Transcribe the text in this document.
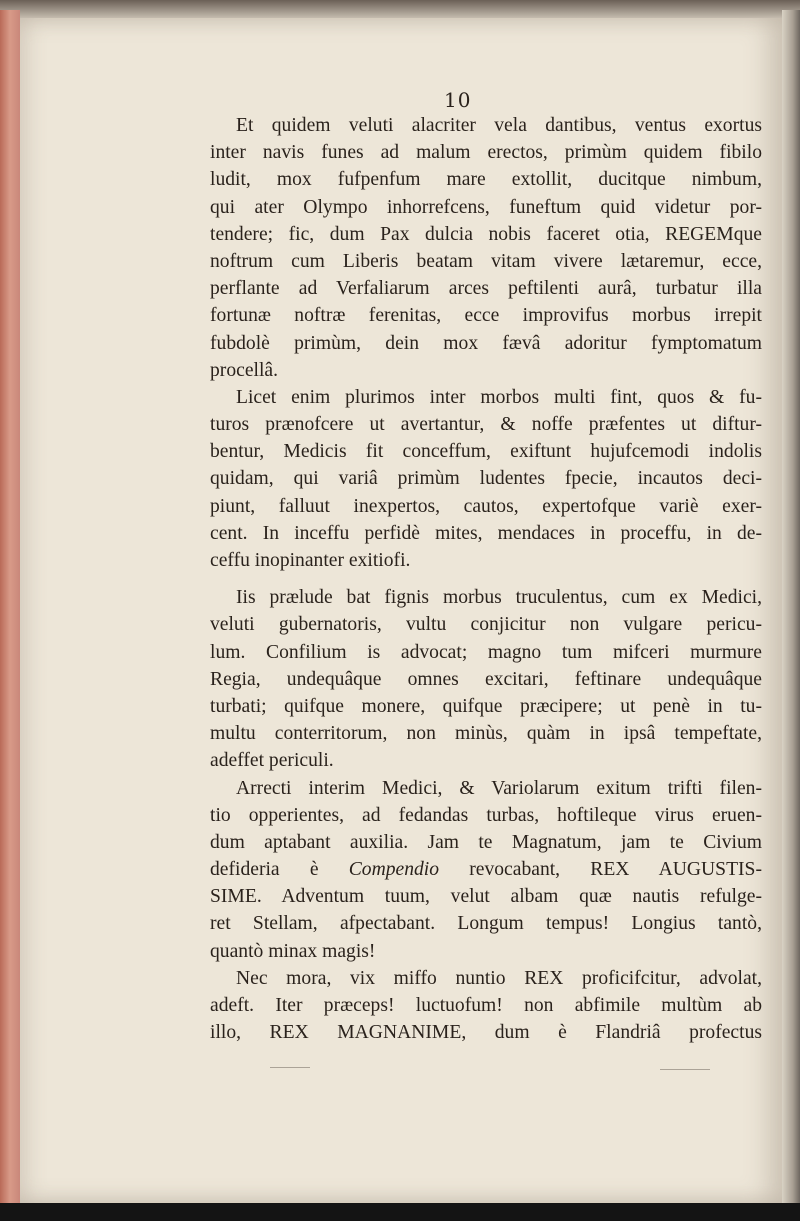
10
Et quidem veluti alacriter vela dantibus, ventus exortus
inter navis funes ad malum erectos, primùm quidem fibilo
ludit, mox fufpenfum mare extollit, ducitque nimbum,
qui ater Olympo inhorrefcens, funeftum quid videtur por-
tendere; fic, dum Pax dulcia nobis faceret otia, REGEMque
noftrum cum Liberis beatam vitam vivere lætaremur, ecce,
perflante ad Verfaliarum arces peftilenti aurâ, turbatur illa
fortunæ noftræ ferenitas, ecce improvifus morbus irrepit
fubdolè primùm, dein mox fævâ adoritur fymptomatum
procellâ.
Licet enim plurimos inter morbos multi fint, quos & fu-
turos prænofcere ut avertantur, & noffe præfentes ut diftur-
bentur, Medicis fit conceffum, exiftunt hujufcemodi indolis
quidam, qui variâ primùm ludentes fpecie, incautos deci-
piunt, falluut inexpertos, cautos, expertofque variè exer-
cent. In inceffu perfidè mites, mendaces in proceffu, in de-
ceffu inopinanter exitiofi.
Iis prælude bat fignis morbus truculentus, cum ex Medici,
veluti gubernatoris, vultu conjicitur non vulgare pericu-
lum. Confilium is advocat; magno tum mifceri murmure
Regia, undequâque omnes excitari, feftinare undequâque
turbati; quifque monere, quifque præcipere; ut penè in tu-
multu conterritorum, non minùs, quàm in ipsâ tempeftate,
adeffet periculi.
Arrecti interim Medici, & Variolarum exitum trifti filen-
tio opperientes, ad fedandas turbas, hoftileque virus eruen-
dum aptabant auxilia. Jam te Magnatum, jam te Civium
defideria è Compendio revocabant, REX AUGUSTIS-
SIME. Adventum tuum, velut albam quæ nautis refulge-
ret Stellam, afpectabant. Longum tempus! Longius tantò,
quantò minax magis!
Nec mora, vix miffo nuntio REX proficifcitur, advolat,
adeft. Iter præceps! luctuofum! non abfimile multùm ab
illo, REX MAGNANIME, dum è Flandriâ profectus
